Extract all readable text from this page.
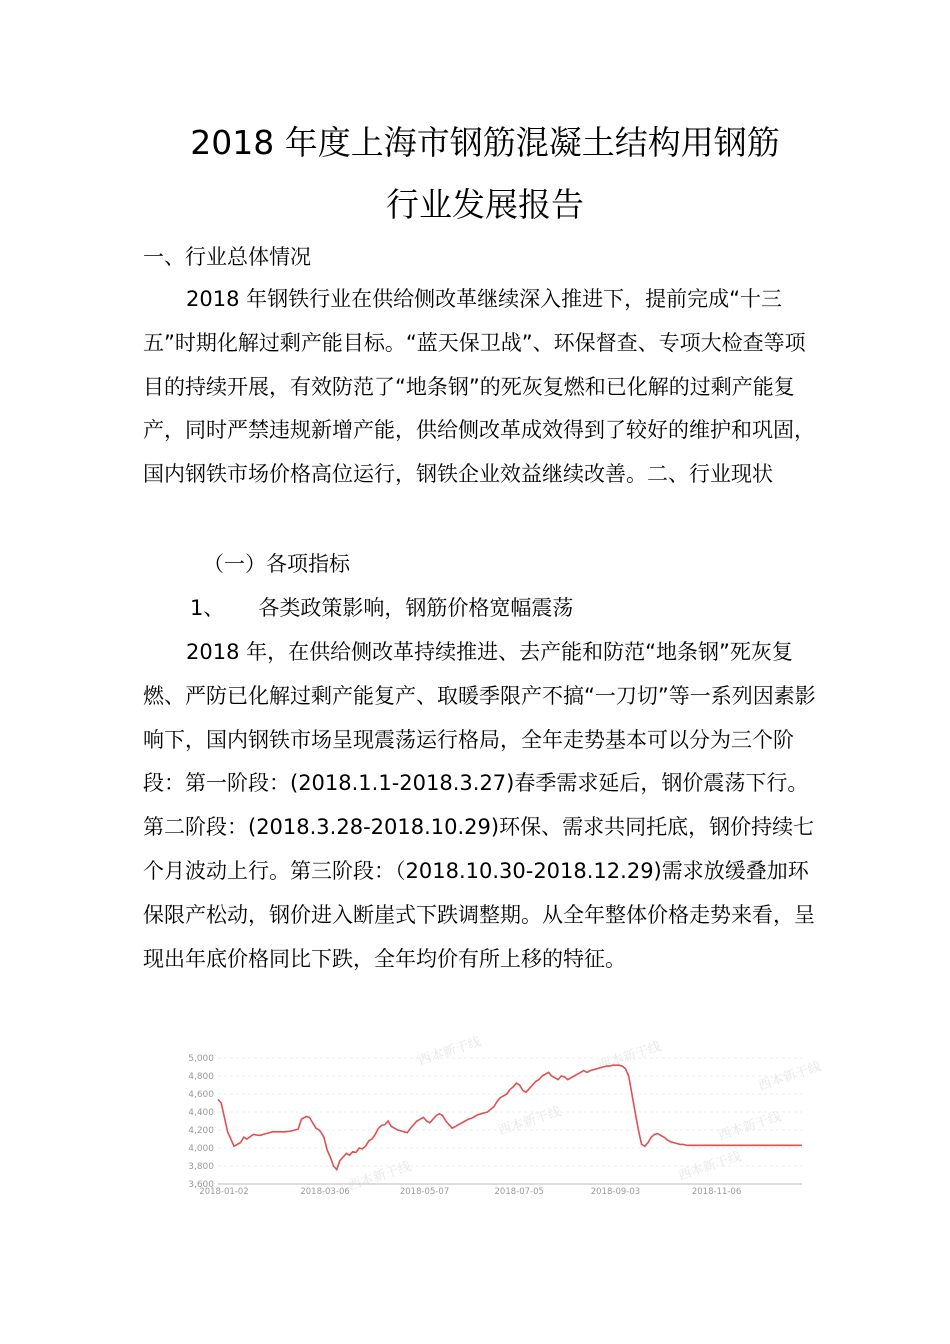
2018 年度上海市钢筋混凝土结构用钢筋
行业发展报告

一、行业总体情况

2018 年钢铁行业在供给侧改革继续深入推进下，提前完成“十三五”时期化解过剩产能目标。“蓝天保卫战”、环保督查、专项大检查等项目的持续开展，有效防范了“地条钢”的死灰复燃和已化解的过剩产能复产，同时严禁违规新增产能，供给侧改革成效得到了较好的维护和巩固，国内钢铁市场价格高位运行，钢铁企业效益继续改善。二、行业现状

（一）各项指标

1、 各类政策影响，钢筋价格宽幅震荡

2018 年，在供给侧改革持续推进、去产能和防范“地条钢”死灰复燃、严防已化解过剩产能复产、取暖季限产不搞“一刀切”等一系列因素影响下，国内钢铁市场呈现震荡运行格局，全年走势基本可以分为三个阶段：第一阶段：(2018.1.1-2018.3.27)春季需求延后，钢价震荡下行。第二阶段：(2018.3.28-2018.10.29)环保、需求共同托底，钢价持续七个月波动上行。第三阶段：（2018.10.30-2018.12.29)需求放缓叠加环保限产松动，钢价进入断崖式下跌调整期。从全年整体价格走势来看，呈现出年底价格同比下跌，全年均价有所上移的特征。

西本新干线
西本新干线
西本新干线
西本新干线
西本新干线
西本新干线
西本新干线
5,000
4,800
4,600
4,400
4,200
4,000
3,800
3,600
2018-01-02	2018-03-06	2018-05-07	2018-07-05	2018-09-03	2018-11-06
